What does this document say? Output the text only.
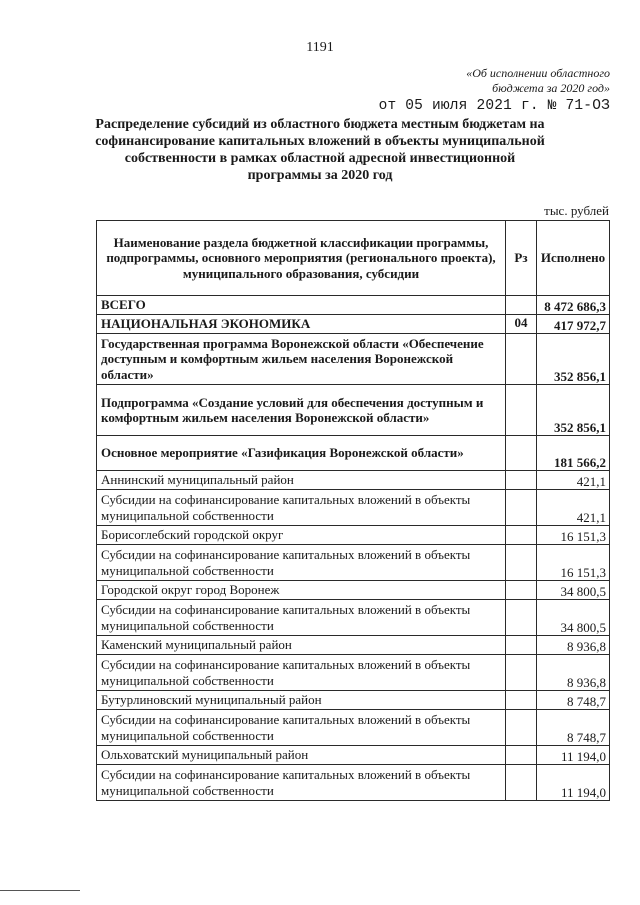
1191
«Об исполнении областного
бюджета за 2020 год»
от 05 июля 2021 г. № 71-ОЗ
Распределение субсидий из областного бюджета местным бюджетам на софинансирование капитальных вложений в объекты муниципальной собственности в рамках областной адресной инвестиционной программы за 2020 год
тыс. рублей
Наименование раздела бюджетной классификации программы, подпрограммы, основного мероприятия (регионального проекта), муниципального образования, субсидии	Рз	Исполнено
ВСЕГО		8 472 686,3
НАЦИОНАЛЬНАЯ ЭКОНОМИКА	04	417 972,7
Государственная программа Воронежской области «Обеспечение доступным и комфортным жильем населения Воронежской области»		352 856,1
Подпрограмма «Создание условий для обеспечения доступным и комфортным жильем населения Воронежской области»		352 856,1
Основное мероприятие «Газификация Воронежской области»		181 566,2
Аннинский муниципальный район		421,1
Субсидии на софинансирование капитальных вложений в объекты муниципальной собственности		421,1
Борисоглебский городской округ		16 151,3
Субсидии на софинансирование капитальных вложений в объекты муниципальной собственности		16 151,3
Городской округ город Воронеж		34 800,5
Субсидии на софинансирование капитальных вложений в объекты муниципальной собственности		34 800,5
Каменский муниципальный район		8 936,8
Субсидии на софинансирование капитальных вложений в объекты муниципальной собственности		8 936,8
Бутурлиновский муниципальный район		8 748,7
Субсидии на софинансирование капитальных вложений в объекты муниципальной собственности		8 748,7
Ольховатский муниципальный район		11 194,0
Субсидии на софинансирование капитальных вложений в объекты муниципальной собственности		11 194,0
